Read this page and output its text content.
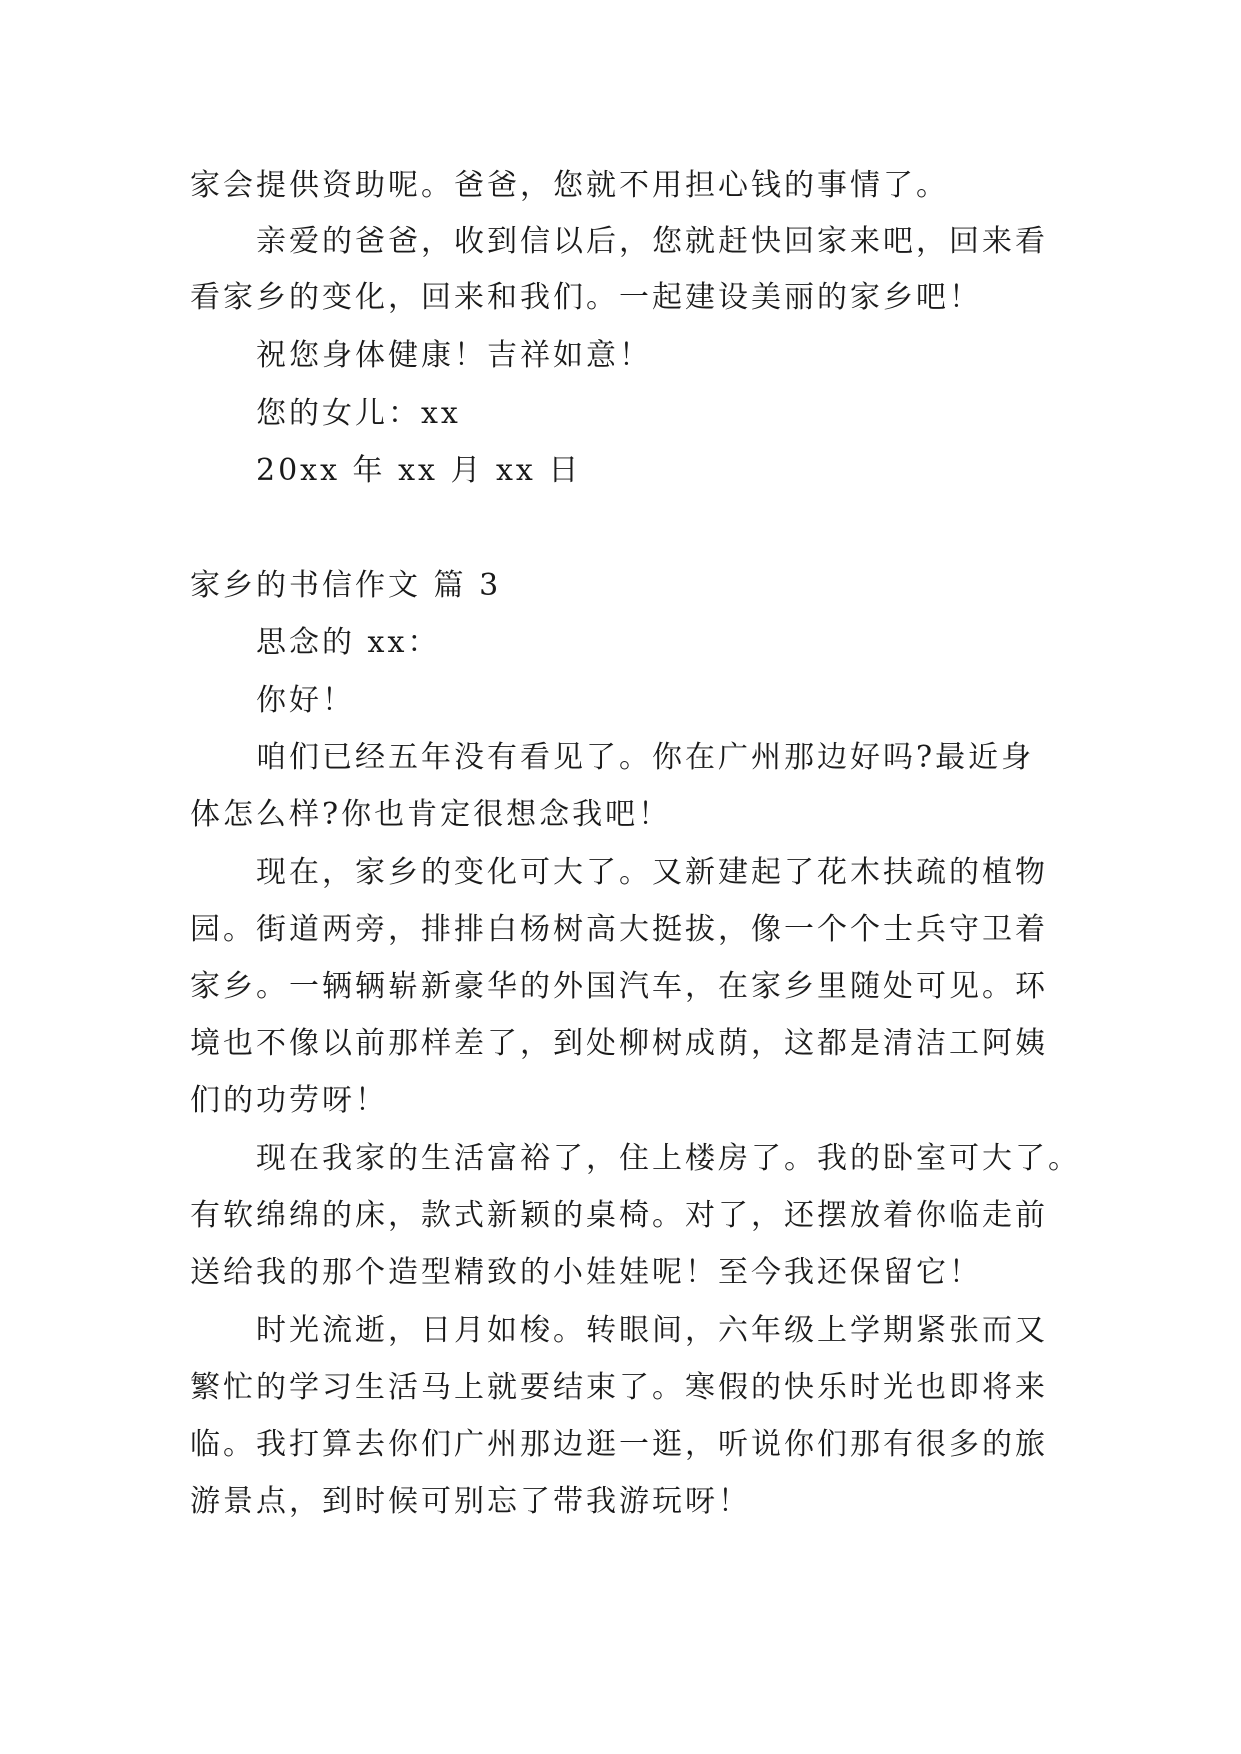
家会提供资助呢。爸爸，您就不用担心钱的事情了。
亲爱的爸爸，收到信以后，您就赶快回家来吧，回来看
看家乡的变化，回来和我们。一起建设美丽的家乡吧！
祝您身体健康！吉祥如意！
您的女儿：xx
20xx 年 xx 月 xx 日
家乡的书信作文 篇 3
思念的 xx：
你好！
咱们已经五年没有看见了。你在广州那边好吗?最近身
体怎么样?你也肯定很想念我吧！
现在，家乡的变化可大了。又新建起了花木扶疏的植物
园。街道两旁，排排白杨树高大挺拔，像一个个士兵守卫着
家乡。一辆辆崭新豪华的外国汽车，在家乡里随处可见。环
境也不像以前那样差了，到处柳树成荫，这都是清洁工阿姨
们的功劳呀！
现在我家的生活富裕了，住上楼房了。我的卧室可大了。
有软绵绵的床，款式新颖的桌椅。对了，还摆放着你临走前
送给我的那个造型精致的小娃娃呢！至今我还保留它！
时光流逝，日月如梭。转眼间，六年级上学期紧张而又
繁忙的学习生活马上就要结束了。寒假的快乐时光也即将来
临。我打算去你们广州那边逛一逛，听说你们那有很多的旅
游景点，到时候可别忘了带我游玩呀！
